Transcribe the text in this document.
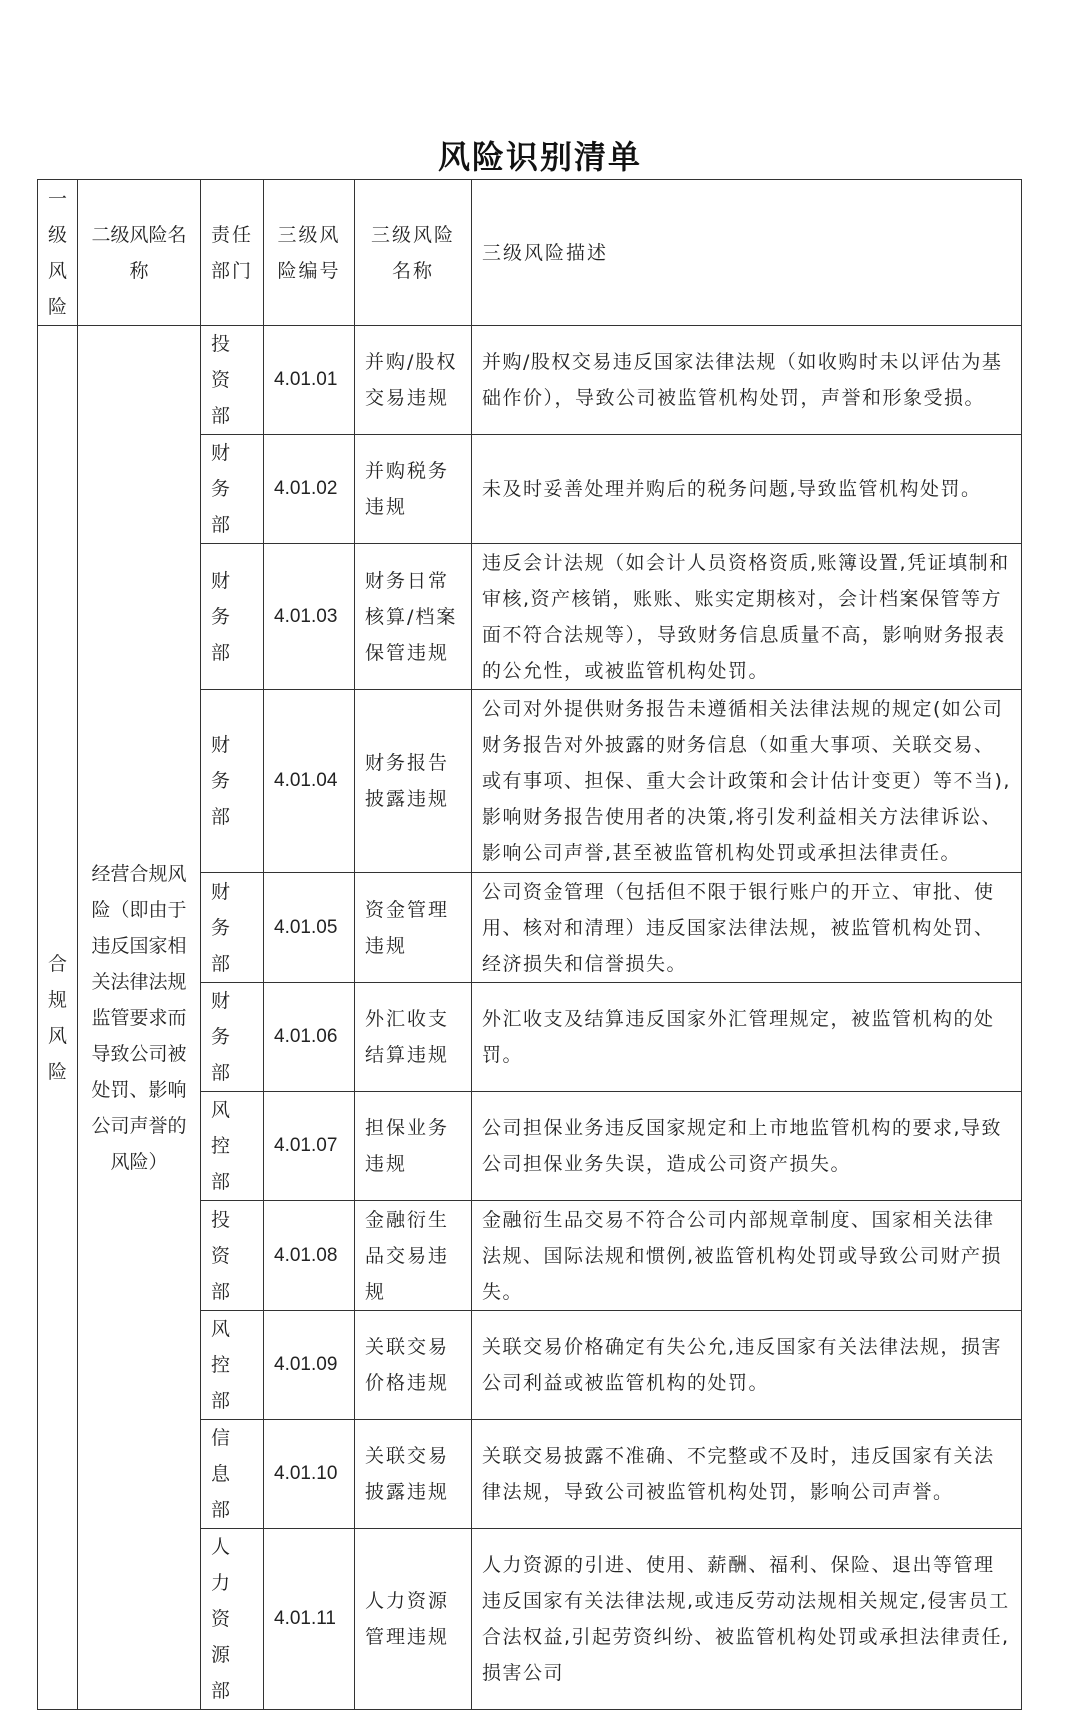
风险识别清单
一级风险	二级风险名称	责任部门	三级风险编号	三级风险名称	三级风险描述
合规风险	经营合规风险（即由于违反国家相关法律法规监管要求而导致公司被处罚、影响公司声誉的风险）	投资部	4.01.01	并购/股权交易违规	并购/股权交易违反国家法律法规（如收购时未以评估为基础作价），导致公司被监管机构处罚，声誉和形象受损。
		财务部	4.01.02	并购税务违规	未及时妥善处理并购后的税务问题,导致监管机构处罚。
		财务部	4.01.03	财务日常核算/档案保管违规	违反会计法规（如会计人员资格资质,账簿设置,凭证填制和审核,资产核销，账账、账实定期核对，会计档案保管等方面不符合法规等），导致财务信息质量不高，影响财务报表的公允性，或被监管机构处罚。
		财务部	4.01.04	财务报告披露违规	公司对外提供财务报告未遵循相关法律法规的规定(如公司财务报告对外披露的财务信息（如重大事项、关联交易、或有事项、担保、重大会计政策和会计估计变更）等不当),影响财务报告使用者的决策,将引发利益相关方法律诉讼、影响公司声誉,甚至被监管机构处罚或承担法律责任。
		财务部	4.01.05	资金管理违规	公司资金管理（包括但不限于银行账户的开立、审批、使用、核对和清理）违反国家法律法规，被监管机构处罚、经济损失和信誉损失。
		财务部	4.01.06	外汇收支结算违规	外汇收支及结算违反国家外汇管理规定，被监管机构的处罚。
		风控部	4.01.07	担保业务违规	公司担保业务违反国家规定和上市地监管机构的要求,导致公司担保业务失误，造成公司资产损失。
		投资部	4.01.08	金融衍生品交易违规	金融衍生品交易不符合公司内部规章制度、国家相关法律法规、国际法规和惯例,被监管机构处罚或导致公司财产损失。
		风控部	4.01.09	关联交易价格违规	关联交易价格确定有失公允,违反国家有关法律法规，损害公司利益或被监管机构的处罚。
		信息部	4.01.10	关联交易披露违规	关联交易披露不准确、不完整或不及时，违反国家有关法律法规，导致公司被监管机构处罚，影响公司声誉。
		人力资源部	4.01.11	人力资源管理违规	人力资源的引进、使用、薪酬、福利、保险、退出等管理违反国家有关法律法规,或违反劳动法规相关规定,侵害员工合法权益,引起劳资纠纷、被监管机构处罚或承担法律责任,损害公司
